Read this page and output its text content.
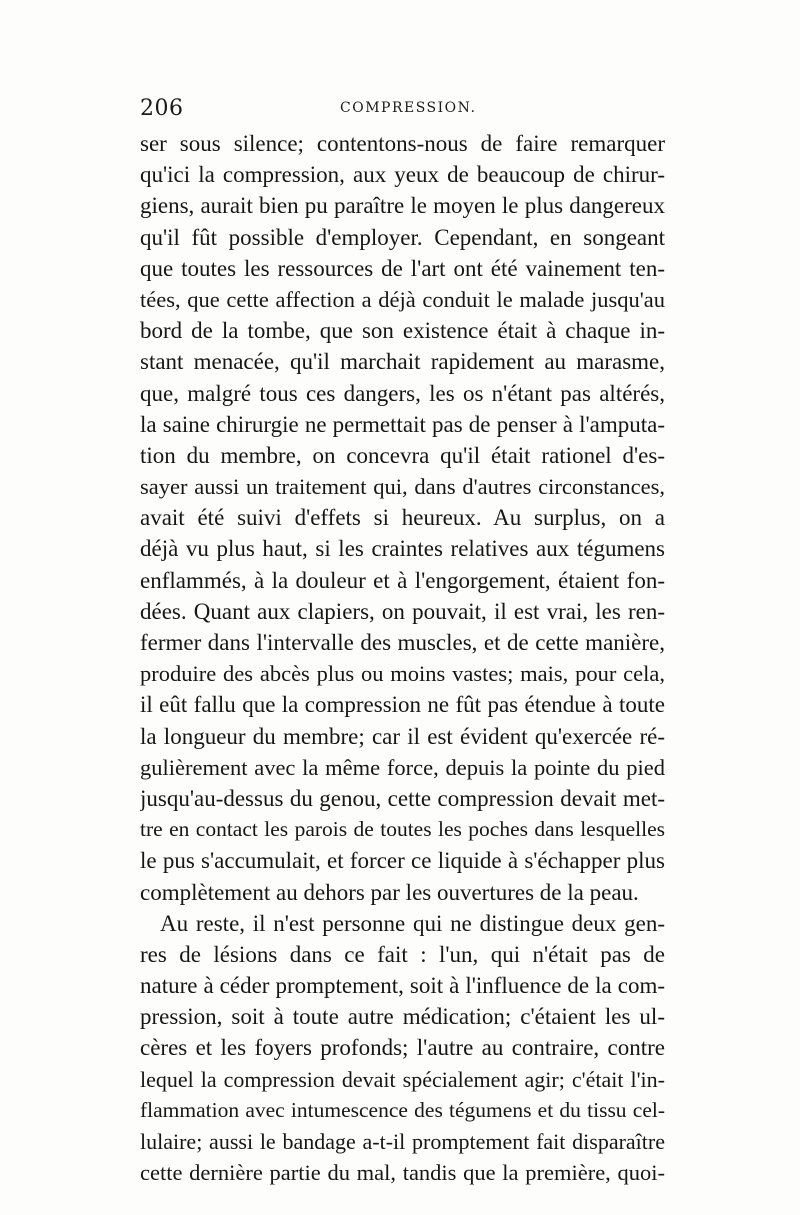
206	COMPRESSION.
ser sous silence; contentons-nous de faire remarquer
qu'ici la compression, aux yeux de beaucoup de chirur-
giens, aurait bien pu paraître le moyen le plus dangereux
qu'il fût possible d'employer. Cependant, en songeant
que toutes les ressources de l'art ont été vainement ten-
tées, que cette affection a déjà conduit le malade jusqu'au
bord de la tombe, que son existence était à chaque in-
stant menacée, qu'il marchait rapidement au marasme,
que, malgré tous ces dangers, les os n'étant pas altérés,
la saine chirurgie ne permettait pas de penser à l'amputa-
tion du membre, on concevra qu'il était rationel d'es-
sayer aussi un traitement qui, dans d'autres circonstances,
avait été suivi d'effets si heureux. Au surplus, on a
déjà vu plus haut, si les craintes relatives aux tégumens
enflammés, à la douleur et à l'engorgement, étaient fon-
dées. Quant aux clapiers, on pouvait, il est vrai, les ren-
fermer dans l'intervalle des muscles, et de cette manière,
produire des abcès plus ou moins vastes; mais, pour cela,
il eût fallu que la compression ne fût pas étendue à toute
la longueur du membre; car il est évident qu'exercée ré-
gulièrement avec la même force, depuis la pointe du pied
jusqu'au-dessus du genou, cette compression devait met-
tre en contact les parois de toutes les poches dans lesquelles
le pus s'accumulait, et forcer ce liquide à s'échapper plus
complètement au dehors par les ouvertures de la peau.
Au reste, il n'est personne qui ne distingue deux gen-
res de lésions dans ce fait : l'un, qui n'était pas de
nature à céder promptement, soit à l'influence de la com-
pression, soit à toute autre médication; c'étaient les ul-
cères et les foyers profonds; l'autre au contraire, contre
lequel la compression devait spécialement agir; c'était l'in-
flammation avec intumescence des tégumens et du tissu cel-
lulaire; aussi le bandage a-t-il promptement fait disparaître
cette dernière partie du mal, tandis que la première, quoi-
